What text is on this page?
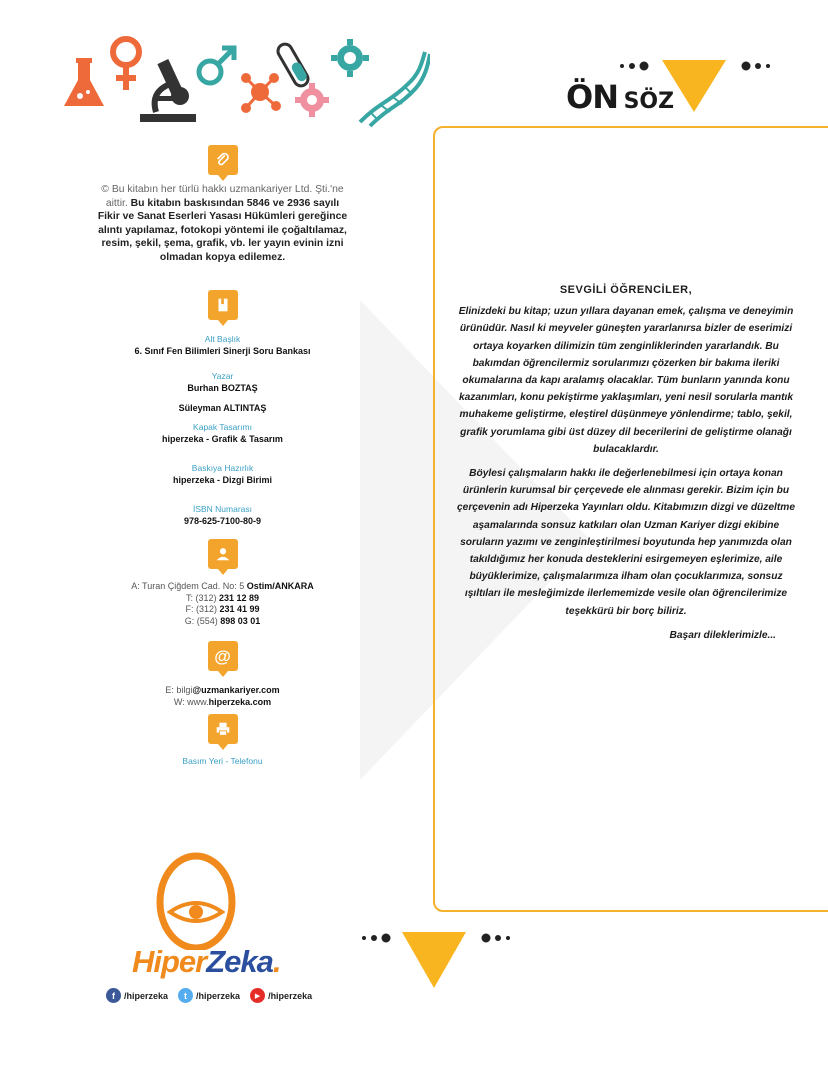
© Bu kitabın her türlü hakkı uzmankariyer Ltd. Şti.'ne aittir. Bu kitabın baskısından 5846 ve 2936 sayılı Fikir ve Sanat Eserleri Yasası Hükümleri gereğince alıntı yapılamaz, fotokopi yöntemi ile çoğaltılamaz, resim, şekil, şema, grafik, vb. ler yayın evinin izni olmadan kopya edilemez.
Alt Başlık
6. Sınıf Fen Bilimleri Sinerji Soru Bankası
Yazar
Burhan BOZTAŞ
Süleyman ALTINTAŞ
Kapak Tasarımı
hiperzeka - Grafik & Tasarım
Baskıya Hazırlık
hiperzeka - Dizgi Birimi
İSBN Numarası
978-625-7100-80-9
A: Turan Çiğdem Cad. No: 5 Ostim/ANKARA
T: (312) 231 12 89
F: (312) 231 41 99
G: (554) 898 03 01
@
E: bilgi@uzmankariyer.com
W: www.hiperzeka.com
Basım Yeri - Telefonu
HiperZeka.
f	/hiperzeka	t	/hiperzeka	▶ /hiperzeka
ÖN SÖZ
SEVGİLİ ÖĞRENCİLER,

Elinizdeki bu kitap; uzun yıllara dayanan emek, çalışma ve deneyimin ürünüdür. Nasıl ki meyveler güneşten yararlanırsa bizler de eserimizi ortaya koyarken dilimizin tüm zenginliklerinden yararlandık. Bu bakımdan öğrencilermiz sorularımızı çözerken bir bakıma ileriki okumalarına da kapı aralamış olacaklar. Tüm bunların yanında konu kazanımları, konu pekiştirme yaklaşımları, yeni nesil sorularla mantık muhakeme geliştirme, eleştirel düşünmeye yönlendirme; tablo, şekil, grafik yorumlama gibi üst düzey dil becerilerini de geliştirme olanağı bulacaklardır.

Böylesi çalışmaların hakkı ile değerlenebilmesi için ortaya konan ürünlerin kurumsal bir çerçevede ele alınması gerekir. Bizim için bu çerçevenin adı Hiperzeka Yayınları oldu. Kitabımızın dizgi ve düzeltme aşamalarında sonsuz katkıları olan Uzman Kariyer dizgi ekibine soruların yazımı ve zenginleştirilmesi boyutunda hep yanımızda olan takıldığımız her konuda desteklerini esirgemeyen eşlerimize, aile büyüklerimize, çalışmalarımıza ilham olan çocuklarımıza, sonsuz ışıltıları ile mesleğimizde ilerlememizde vesile olan öğrencilerimize teşekkürü bir borç biliriz.

Başarı dileklerimizle...
